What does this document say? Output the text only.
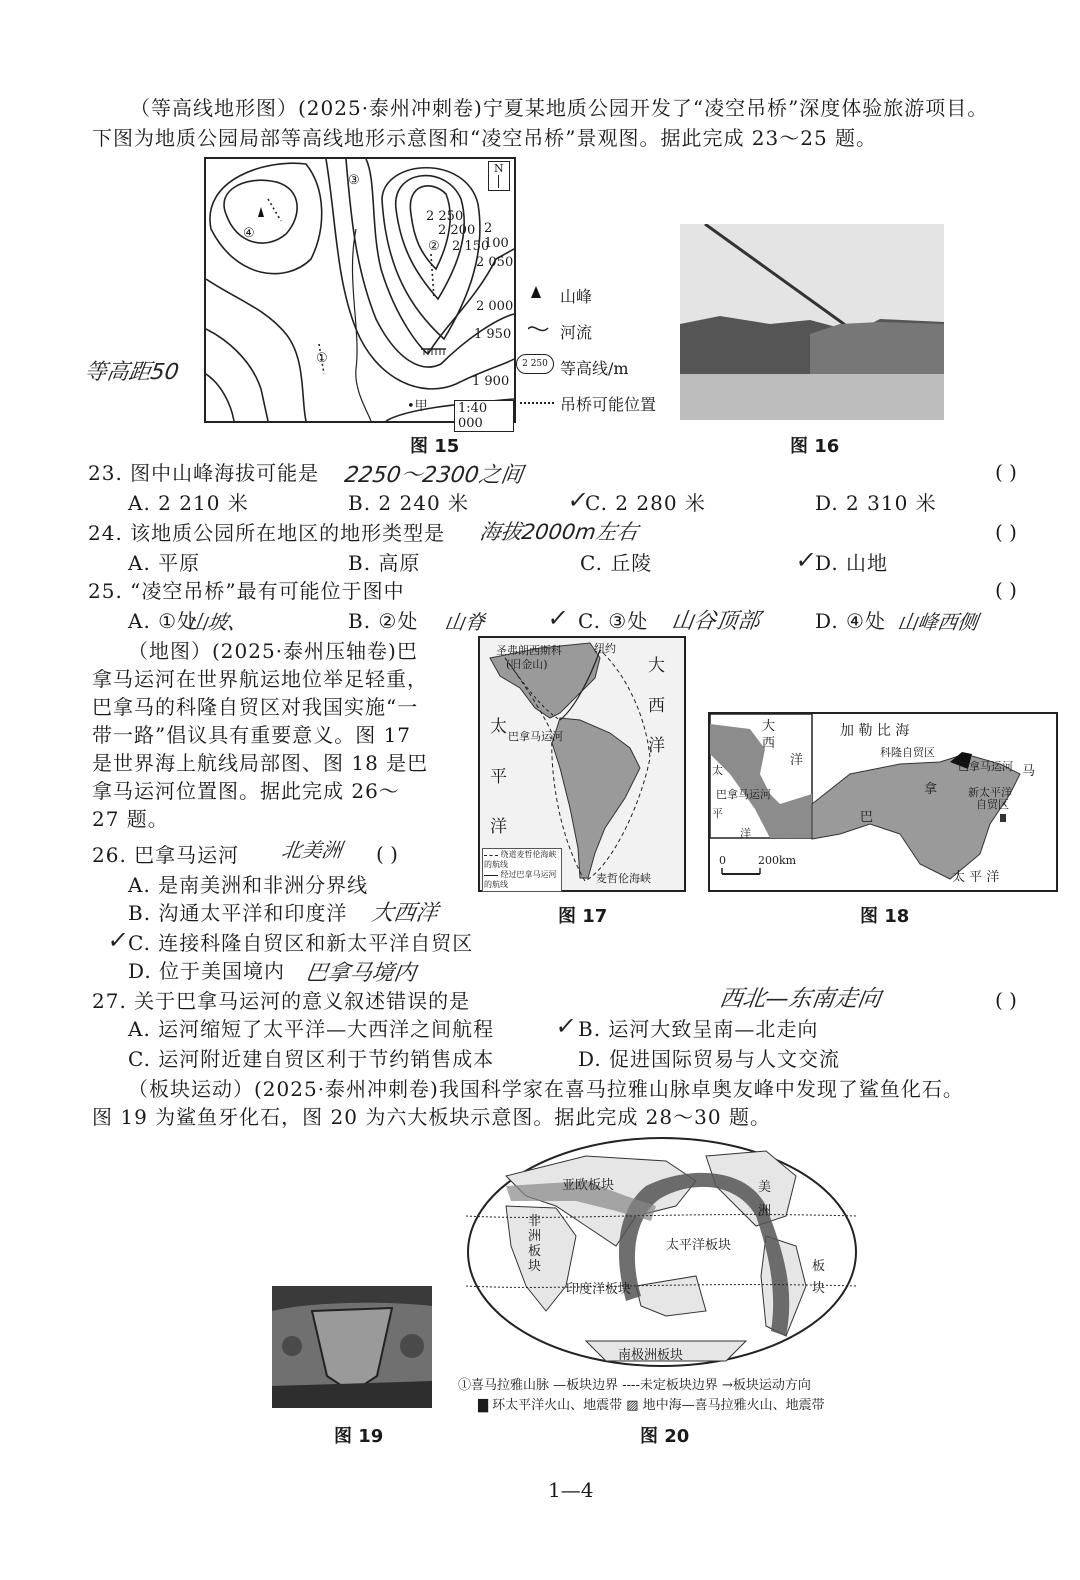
（等高线地形图）(2025·泰州冲刺卷)宁夏某地质公园开发了“凌空吊桥”深度体验旅游项目。
下图为地质公园局部等高线地形示意图和“凌空吊桥”景观图。据此完成 23～25 题。
2 250
2 200
2 150
2 100
2 050
2 000
1 950
1 900
①
②
③
④
•甲	1:40 000
N
山峰
河流
2 250 等高线/m
吊桥可能位置
等高距50
图 15	图 16
23. 图中山峰海拔可能是 2250～2300之间	( )
A. 2 210 米	B. 2 240 米	✓
C. 2 280 米	D. 2 310 米
24. 该地质公园所在地区的地形类型是 海拔2000m左右	( )
A. 平原	B. 高原	C. 丘陵	✓
D. 山地
25. “凌空吊桥”最有可能位于图中	( )
A. ①处
山坡、	B. ②处 山脊 ✓ C. ③处 山谷顶部	D. ④处 山峰西侧
（地图）(2025·泰州压轴卷)巴
拿马运河在世界航运地位举足轻重，
巴拿马的科隆自贸区对我国实施“一
带一路”倡议具有重要意义。图 17
是世界海上航线局部图、图 18 是巴
拿马运河位置图。据此完成 26～
27 题。
圣弗朗西斯科
(旧金山)
纽约
大
西
洋
太
平
洋
巴拿马运河
麦哲伦海峡
绕道麦哲伦海峡的航线
经过巴拿马运河的航线
图 17
大
西
洋
太
巴拿马运河
平
洋
加 勒 比 海
科隆自贸区
巴拿马运河
新太平洋
自贸区
拿
巴
马
太 平 洋
0	200km
图 18
26. 巴拿马运河 北美洲 ( )
A. 是南美洲和非洲分界线
B. 沟通太平洋和印度洋 大西洋
✓
C. 连接科隆自贸区和新太平洋自贸区
D. 位于美国境内 巴拿马境内
27. 关于巴拿马运河的意义叙述错误的是	西北—东南走向	( )
A. 运河缩短了太平洋—大西洋之间航程 ✓ B. 运河大致呈南—北走向
C. 运河附近建自贸区利于节约销售成本	D. 促进国际贸易与人文交流
（板块运动）(2025·泰州冲刺卷)我国科学家在喜马拉雅山脉卓奥友峰中发现了鲨鱼化石。
图 19 为鲨鱼牙化石，图 20 为六大板块示意图。据此完成 28～30 题。
图 19
亚欧板块
非
洲
板
块
太平洋板块
印度洋板块
美
洲
板
块
南极洲板块
①喜马拉雅山脉 —板块边界 ----未定板块边界 →板块运动方向
▇ 环太平洋火山、地震带 ▨ 地中海—喜马拉雅火山、地震带
图 20
1—4
